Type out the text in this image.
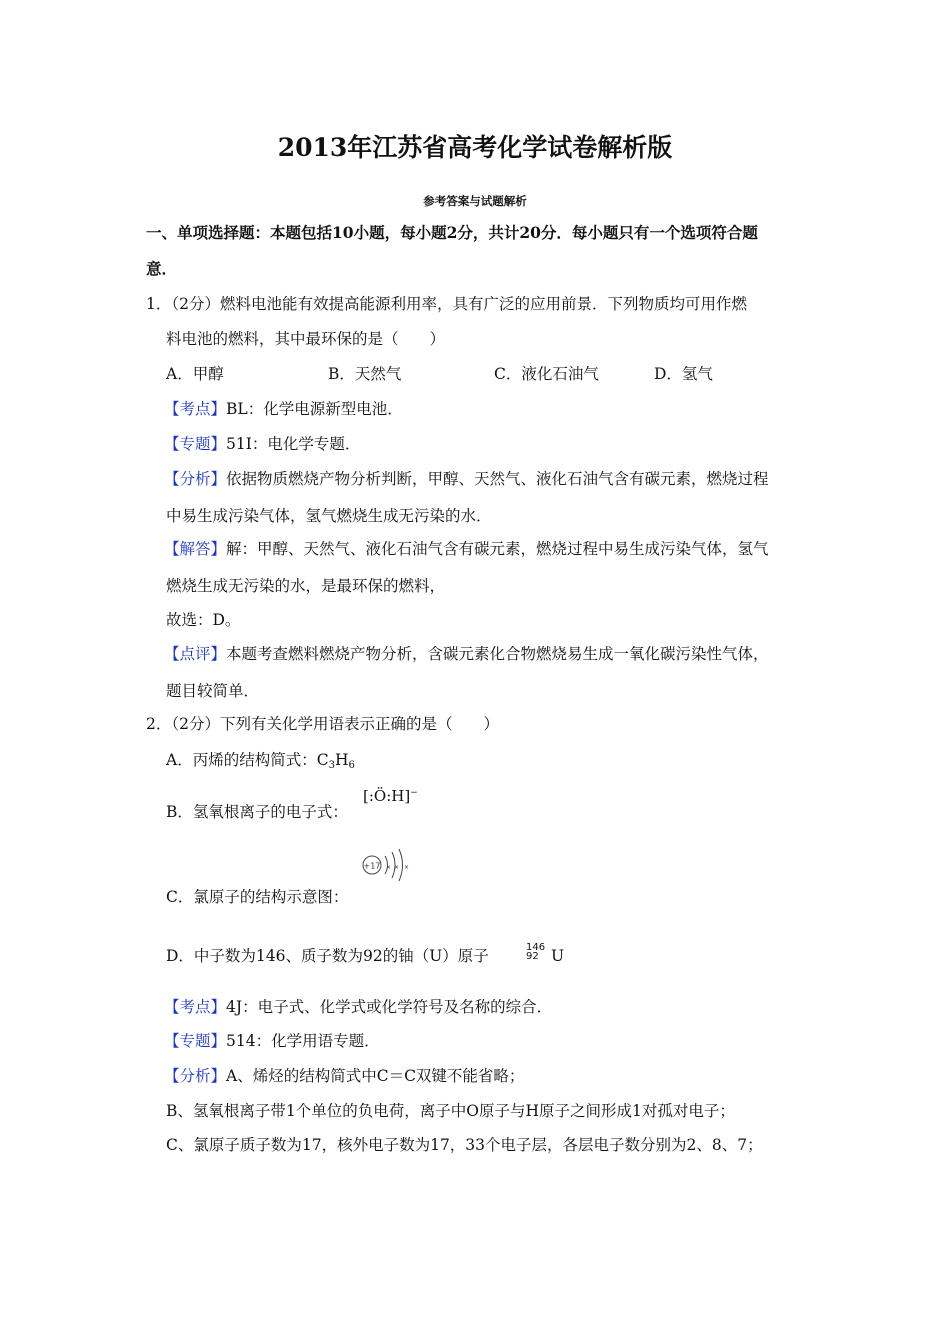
2013年江苏省高考化学试卷解析版
参考答案与试题解析
一、单项选择题：本题包括10小题，每小题2分，共计20分．每小题只有一个选项符合题
意．
1．（2分）燃料电池能有效提高能源利用率，具有广泛的应用前景．下列物质均可用作燃
料电池的燃料，其中最环保的是（　　）
A．甲醇	B．天然气	C．液化石油气	D．氢气
【考点】BL：化学电源新型电池．
【专题】51I：电化学专题．
【分析】依据物质燃烧产物分析判断，甲醇、天然气、液化石油气含有碳元素，燃烧过程
中易生成污染气体，氢气燃烧生成无污染的水．
【解答】解：甲醇、天然气、液化石油气含有碳元素，燃烧过程中易生成污染气体，氢气
燃烧生成无污染的水，是最环保的燃料，
故选：D。
【点评】本题考查燃料燃烧产物分析，含碳元素化合物燃烧易生成一氧化碳污染性气体，
题目较简单．
2．（2分）下列有关化学用语表示正确的是（　　）
A．丙烯的结构简式：$C_3H_6$
B．氢氧根离子的电子式：
[:Ö:H]−
C．氯原子的结构示意图：
+17 × × ×
D．中子数为146、质子数为92的铀（U）原子	146
92 U
【考点】4J：电子式、化学式或化学符号及名称的综合．
【专题】514：化学用语专题．
【分析】A、烯烃的结构简式中C＝C双键不能省略；
B、氢氧根离子带1个单位的负电荷，离子中O原子与H原子之间形成1对孤对电子；
C、氯原子质子数为17，核外电子数为17，33个电子层，各层电子数分别为2、8、7；
